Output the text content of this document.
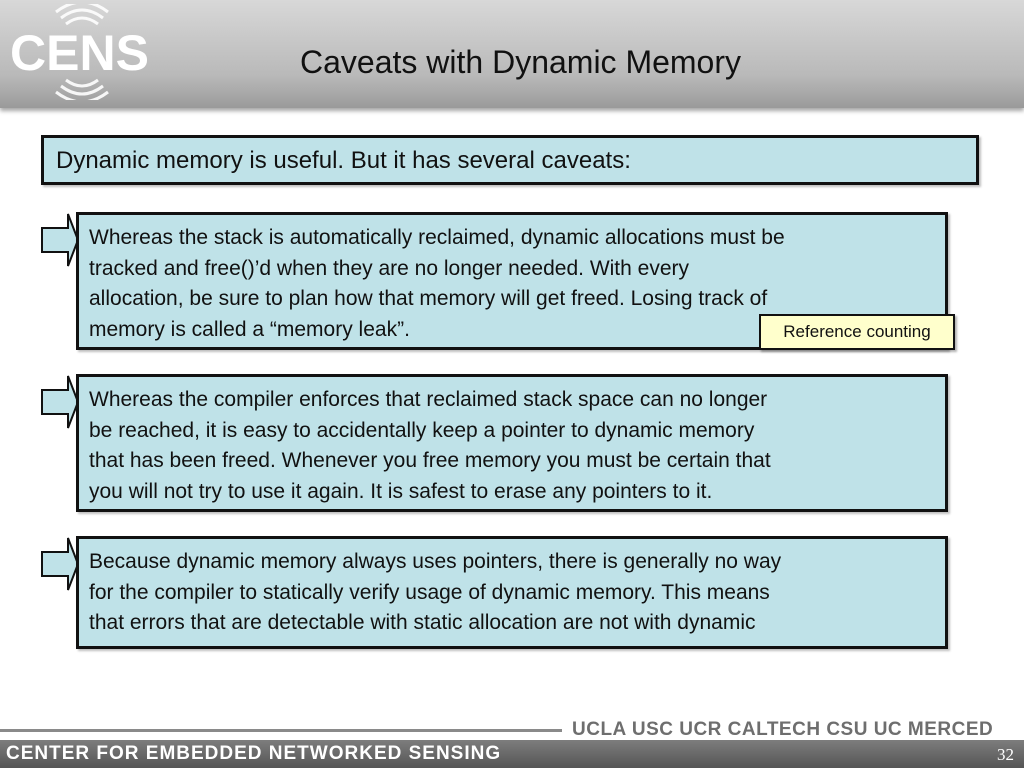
CENS	Caveats with Dynamic Memory
Dynamic memory is useful. But it has several caveats:
Whereas the stack is automatically reclaimed, dynamic allocations must be
tracked and free()’d when they are no longer needed. With every
allocation, be sure to plan how that memory will get freed. Losing track of
memory is called a “memory leak”.	Reference counting
Whereas the compiler enforces that reclaimed stack space can no longer
be reached, it is easy to accidentally keep a pointer to dynamic memory
that has been freed. Whenever you free memory you must be certain that
you will not try to use it again. It is safest to erase any pointers to it.
Because dynamic memory always uses pointers, there is generally no way
for the compiler to statically verify usage of dynamic memory. This means
that errors that are detectable with static allocation are not with dynamic
UCLA USC UCR CALTECH CSU UC MERCED
CENTER FOR EMBEDDED NETWORKED SENSING	32
